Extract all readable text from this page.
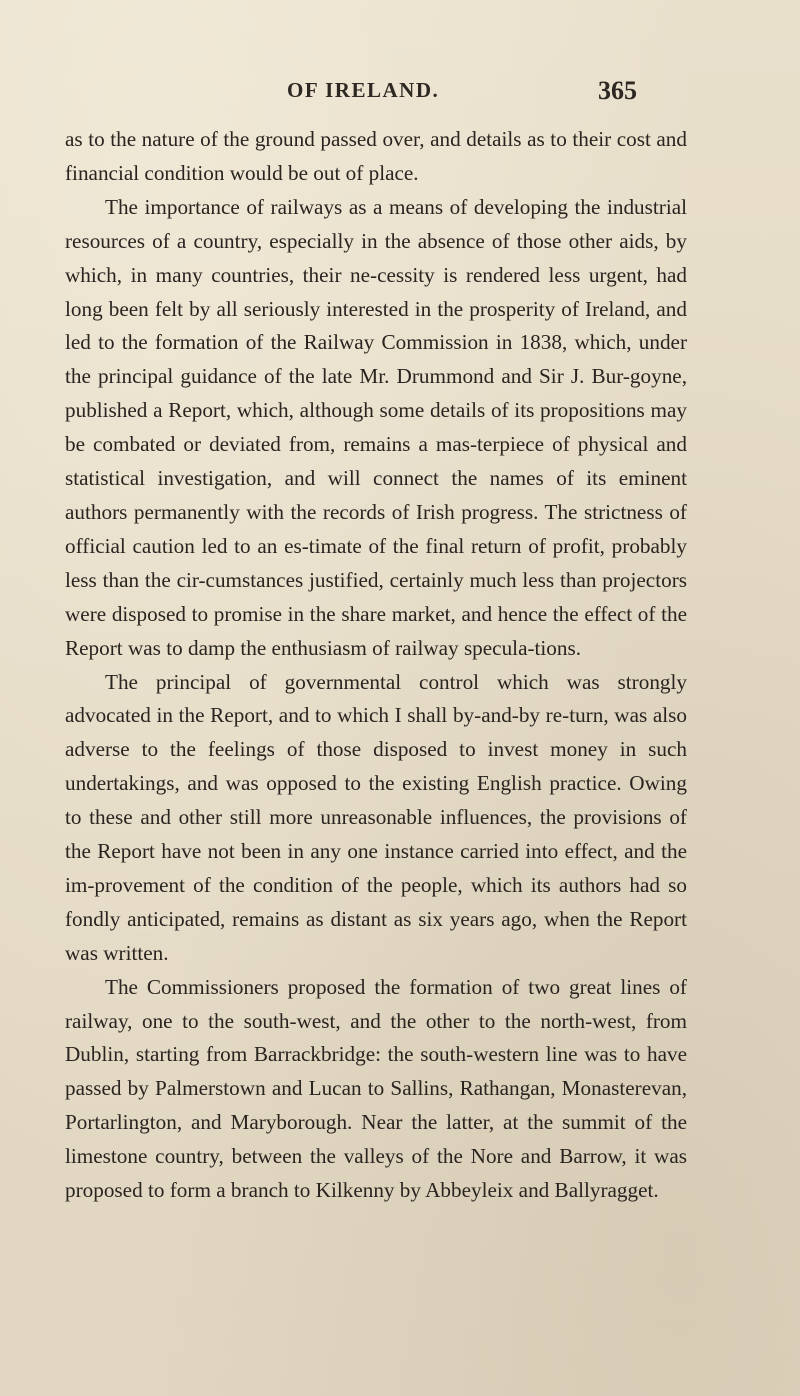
OF IRELAND.	365

as to the nature of the ground passed over, and details as to their cost and financial condition would be out of place.

The importance of railways as a means of developing the industrial resources of a country, especially in the absence of those other aids, by which, in many countries, their ne-cessity is rendered less urgent, had long been felt by all seriously interested in the prosperity of Ireland, and led to the formation of the Railway Commission in 1838, which, under the principal guidance of the late Mr. Drummond and Sir J. Bur-goyne, published a Report, which, although some details of its propositions may be combated or deviated from, remains a mas-terpiece of physical and statistical investigation, and will connect the names of its eminent authors permanently with the records of Irish progress. The strictness of official caution led to an es-timate of the final return of profit, probably less than the cir-cumstances justified, certainly much less than projectors were disposed to promise in the share market, and hence the effect of the Report was to damp the enthusiasm of railway specula-tions.

The principal of governmental control which was strongly advocated in the Report, and to which I shall by-and-by re-turn, was also adverse to the feelings of those disposed to invest money in such undertakings, and was opposed to the existing English practice. Owing to these and other still more unreasonable influences, the provisions of the Report have not been in any one instance carried into effect, and the im-provement of the condition of the people, which its authors had so fondly anticipated, remains as distant as six years ago, when the Report was written.

The Commissioners proposed the formation of two great lines of railway, one to the south-west, and the other to the north-west, from Dublin, starting from Barrackbridge: the south-western line was to have passed by Palmerstown and Lucan to Sallins, Rathangan, Monasterevan, Portarlington, and Maryborough. Near the latter, at the summit of the limestone country, between the valleys of the Nore and Barrow, it was proposed to form a branch to Kilkenny by Abbeyleix and Ballyragget.
